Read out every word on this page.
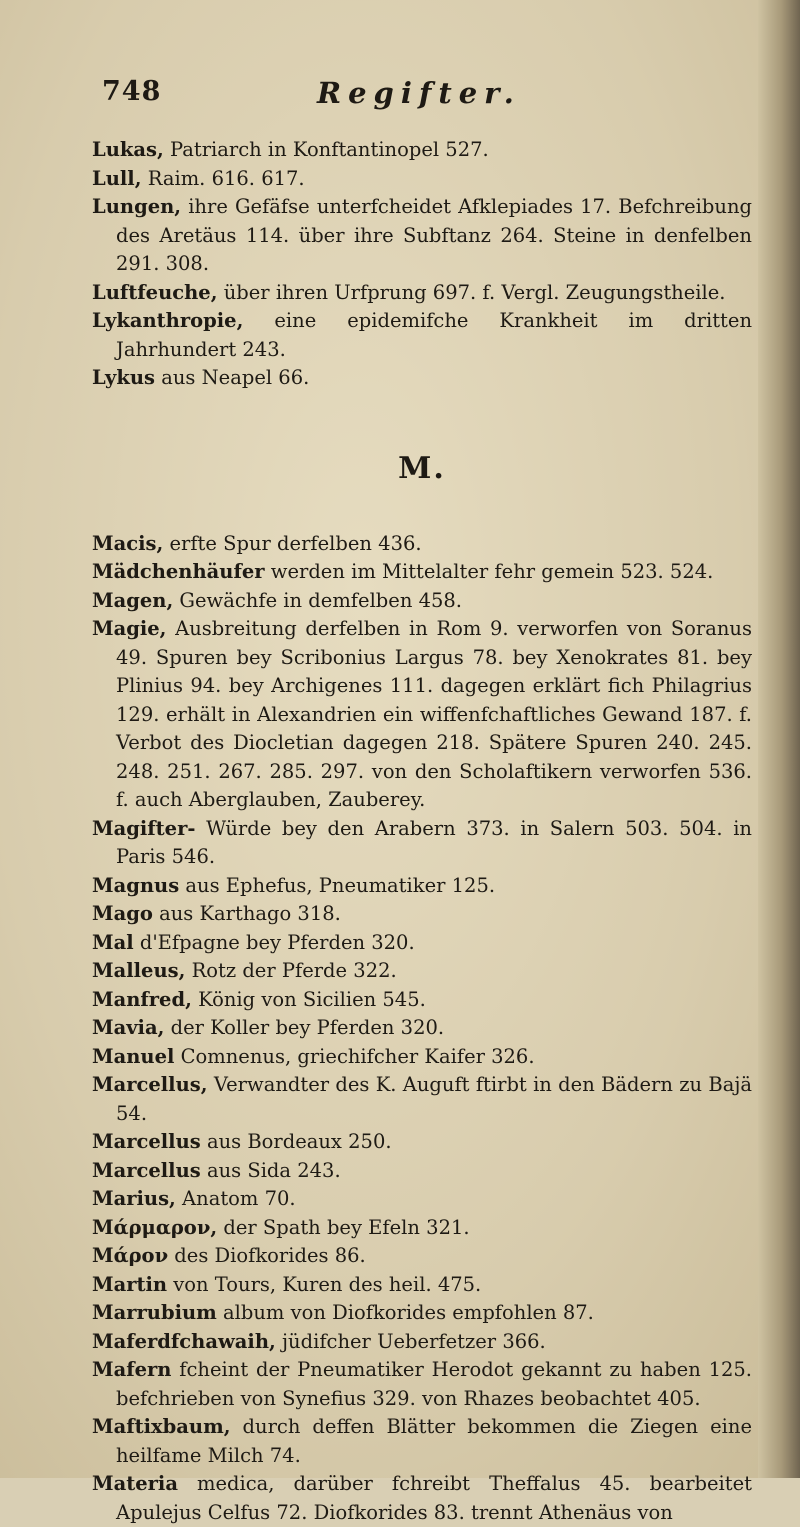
748	Regifter.

Lukas, Patriarch in Konftantinopel 527.

Lull, Raim. 616. 617.

Lungen, ihre Gefäfse unterfcheidet Afklepiades 17. Befchreibung des Aretäus 114. über ihre Subftanz 264. Steine in denfelben 291. 308.

Luftfeuche, über ihren Urfprung 697. f. Vergl. Zeugungstheile.

Lykanthropie, eine epidemifche Krankheit im dritten Jahrhundert 243.

Lykus aus Neapel 66.

M.

Macis, erfte Spur derfelben 436.

Mädchenhäufer werden im Mittelalter fehr gemein 523. 524.

Magen, Gewächfe in demfelben 458.

Magie, Ausbreitung derfelben in Rom 9. verworfen von Soranus 49. Spuren bey Scribonius Largus 78. bey Xenokrates 81. bey Plinius 94. bey Archigenes 111. dagegen erklärt fich Philagrius 129. erhält in Alexandrien ein wiffenfchaftliches Gewand 187. f. Verbot des Diocletian dagegen 218. Spätere Spuren 240. 245. 248. 251. 267. 285. 297. von den Scholaftikern verworfen 536. f. auch Aberglauben, Zauberey.

Magifter- Würde bey den Arabern 373. in Salern 503. 504. in Paris 546.

Magnus aus Ephefus, Pneumatiker 125.

Mago aus Karthago 318.

Mal d'Efpagne bey Pferden 320.

Malleus, Rotz der Pferde 322.

Manfred, König von Sicilien 545.

Mavia, der Koller bey Pferden 320.

Manuel Comnenus, griechifcher Kaifer 326.

Marcellus, Verwandter des K. Auguft ftirbt in den Bädern zu Bajä 54.

Marcellus aus Bordeaux 250.

Marcellus aus Sida 243.

Marius, Anatom 70.

Μάρμαρον, der Spath bey Efeln 321.

Μάρον des Diofkorides 86.

Martin von Tours, Kuren des heil. 475.

Marrubium album von Diofkorides empfohlen 87.

Maferdfchawaih, jüdifcher Ueberfetzer 366.

Mafern fcheint der Pneumatiker Herodot gekannt zu haben 125. befchrieben von Synefius 329. von Rhazes beobachtet 405.

Maftixbaum, durch deffen Blätter bekommen die Ziegen eine heilfame Milch 74.

Materia medica, darüber fchreibt Theffalus 45. bearbeitet Apulejus Celfus 72. Diofkorides 83. trennt Athenäus von
